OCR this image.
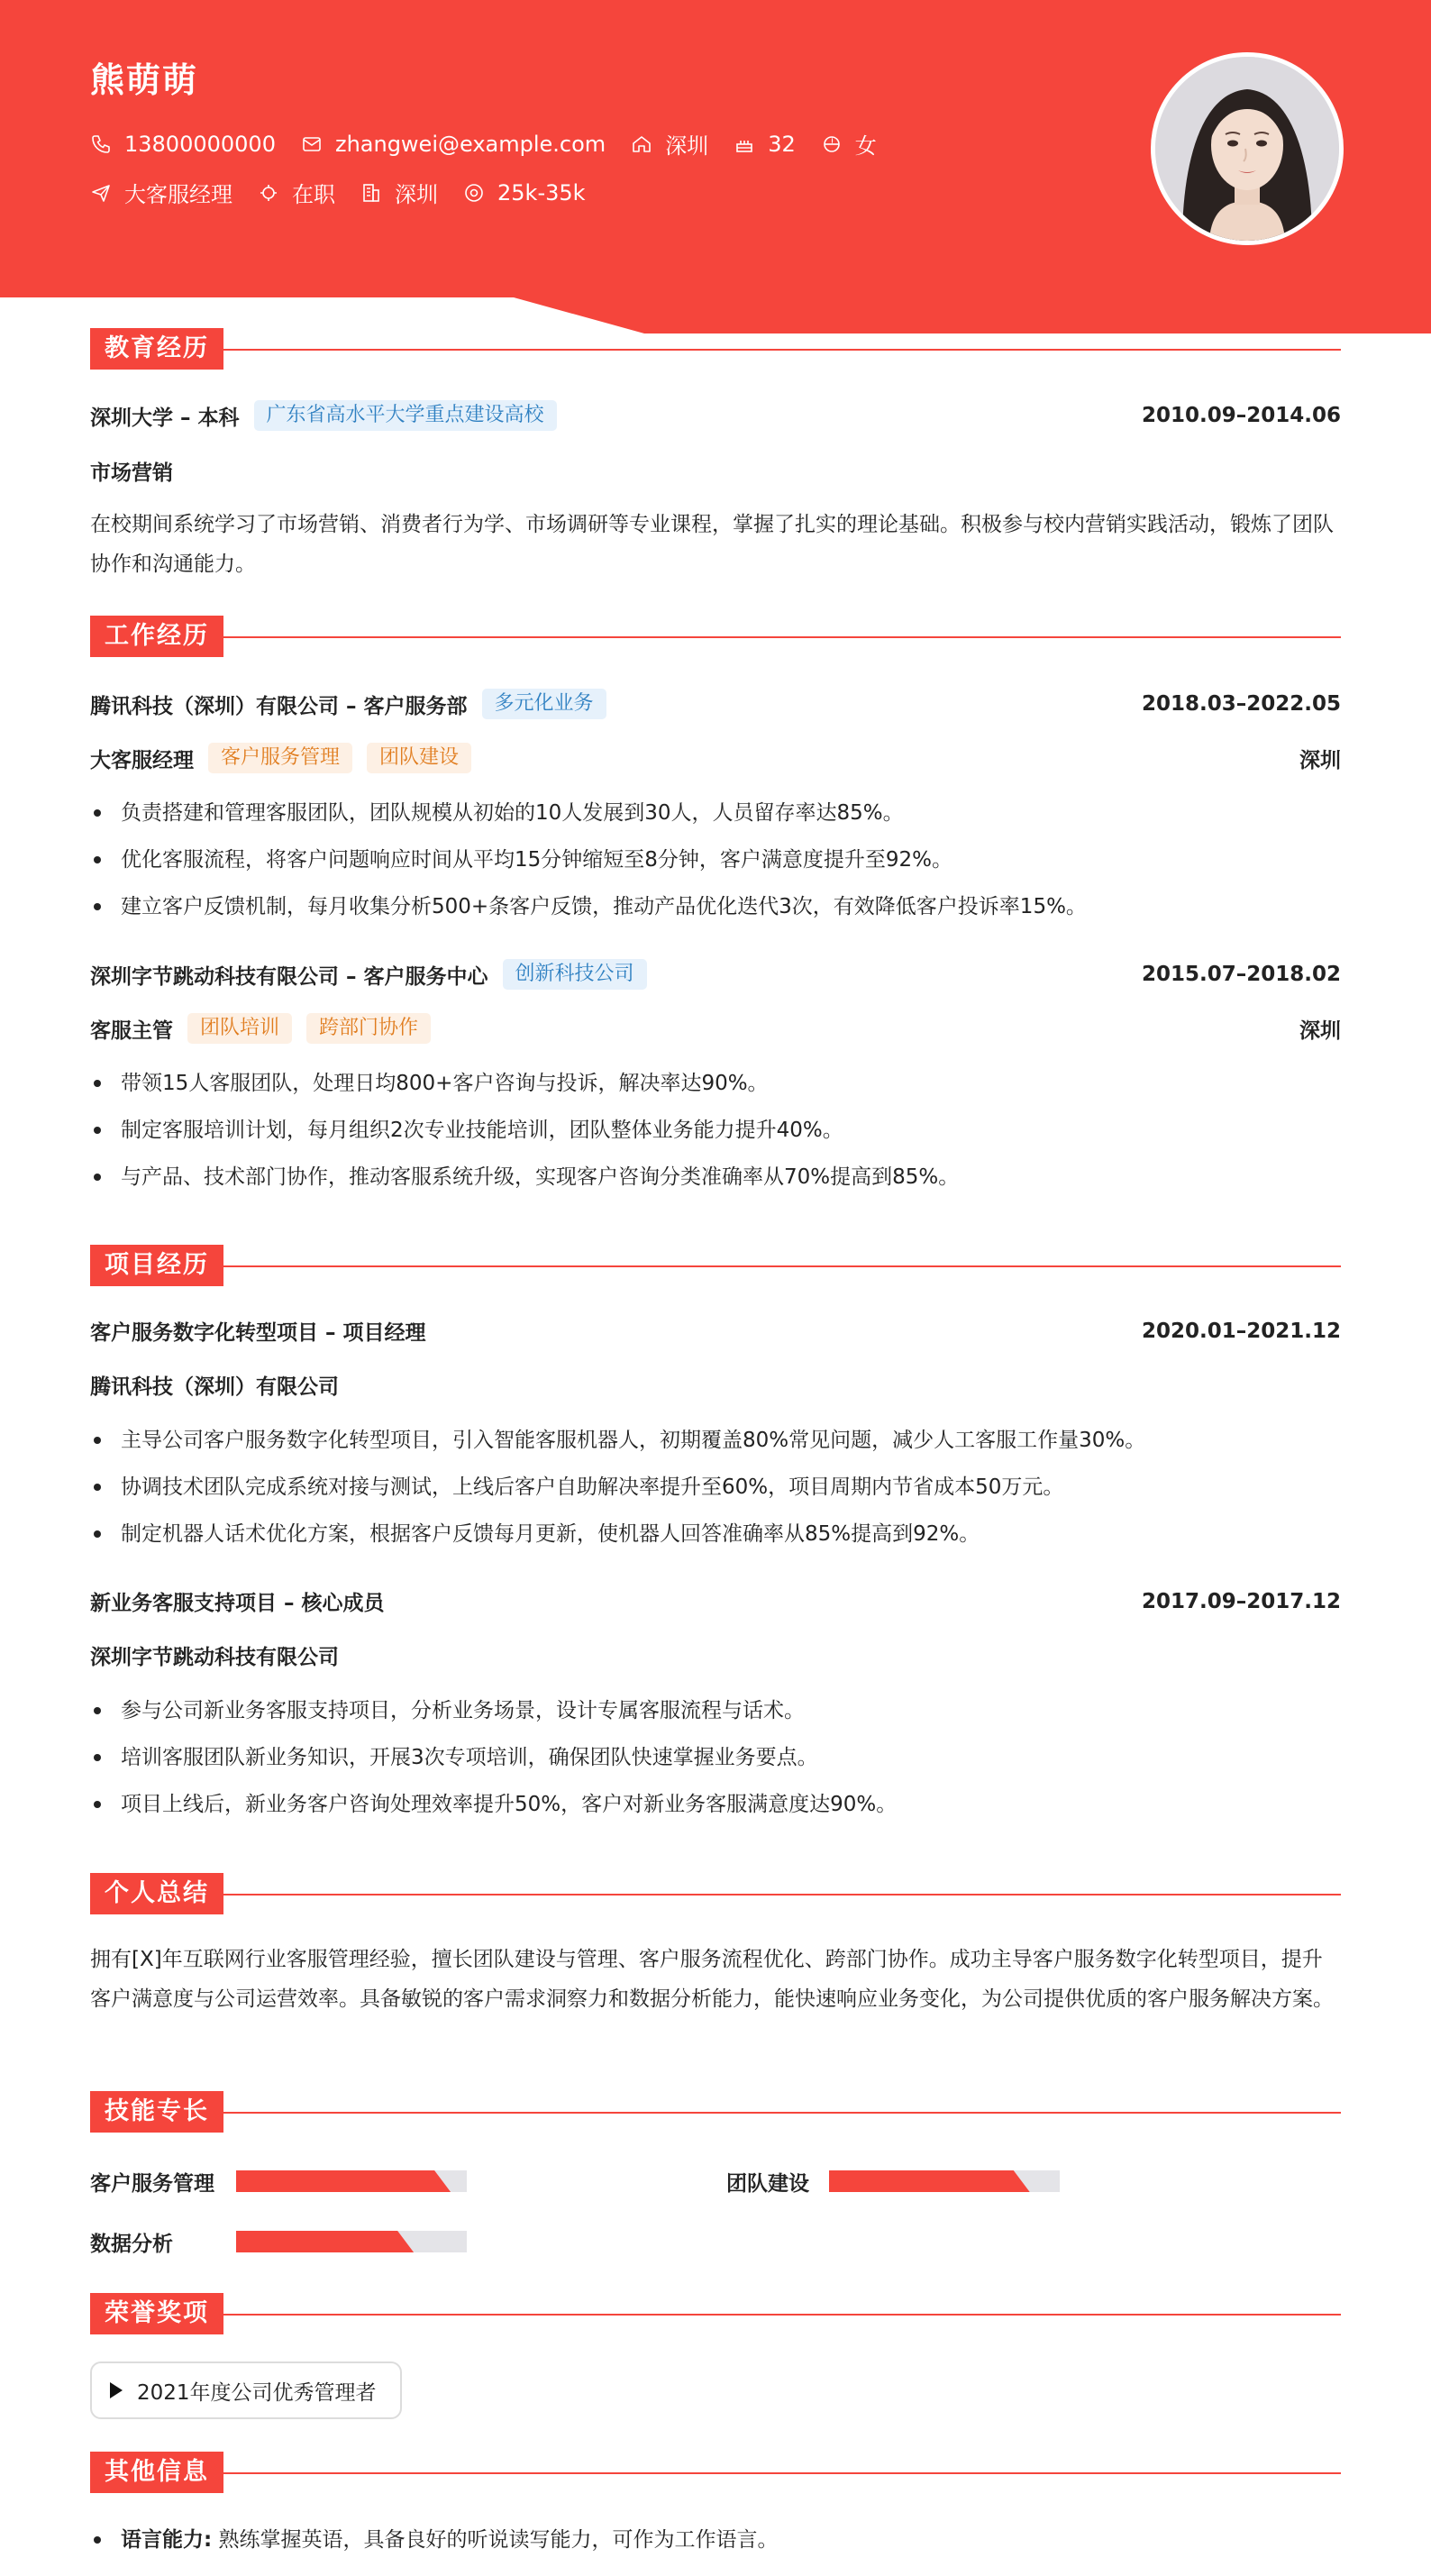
熊萌萌
13800000000	zhangwei@example.com	深圳	32	女
大客服经理	在职	深圳	25k-35k
教育经历
深圳大学 – 本科	广东省高水平大学重点建设高校	2010.09–2014.06
市场营销
在校期间系统学习了市场营销、消费者行为学、市场调研等专业课程，掌握了扎实的理论基础。积极参与校内营销实践活动，锻炼了团队协作和沟通能力。
工作经历
腾讯科技（深圳）有限公司 – 客户服务部	多元化业务	2018.03–2022.05
大客服经理	客户服务管理	团队建设	深圳
负责搭建和管理客服团队，团队规模从初始的10人发展到30人，人员留存率达85%。
优化客服流程，将客户问题响应时间从平均15分钟缩短至8分钟，客户满意度提升至92%。
建立客户反馈机制，每月收集分析500+条客户反馈，推动产品优化迭代3次，有效降低客户投诉率15%。
深圳字节跳动科技有限公司 – 客户服务中心	创新科技公司	2015.07–2018.02
客服主管	团队培训	跨部门协作	深圳
带领15人客服团队，处理日均800+客户咨询与投诉，解决率达90%。
制定客服培训计划，每月组织2次专业技能培训，团队整体业务能力提升40%。
与产品、技术部门协作，推动客服系统升级，实现客户咨询分类准确率从70%提高到85%。
项目经历
客户服务数字化转型项目 – 项目经理	2020.01–2021.12
腾讯科技（深圳）有限公司
主导公司客户服务数字化转型项目，引入智能客服机器人，初期覆盖80%常见问题，减少人工客服工作量30%。
协调技术团队完成系统对接与测试，上线后客户自助解决率提升至60%，项目周期内节省成本50万元。
制定机器人话术优化方案，根据客户反馈每月更新，使机器人回答准确率从85%提高到92%。
新业务客服支持项目 – 核心成员	2017.09–2017.12
深圳字节跳动科技有限公司
参与公司新业务客服支持项目，分析业务场景，设计专属客服流程与话术。
培训客服团队新业务知识，开展3次专项培训，确保团队快速掌握业务要点。
项目上线后，新业务客户咨询处理效率提升50%，客户对新业务客服满意度达90%。
个人总结
拥有[X]年互联网行业客服管理经验，擅长团队建设与管理、客户服务流程优化、跨部门协作。成功主导客户服务数字化转型项目，提升客户满意度与公司运营效率。具备敏锐的客户需求洞察力和数据分析能力，能快速响应业务变化，为公司提供优质的客户服务解决方案。
技能专长
客户服务管理	团队建设
数据分析
荣誉奖项
2021年度公司优秀管理者
其他信息
语言能力: 熟练掌握英语，具备良好的听说读写能力，可作为工作语言。
